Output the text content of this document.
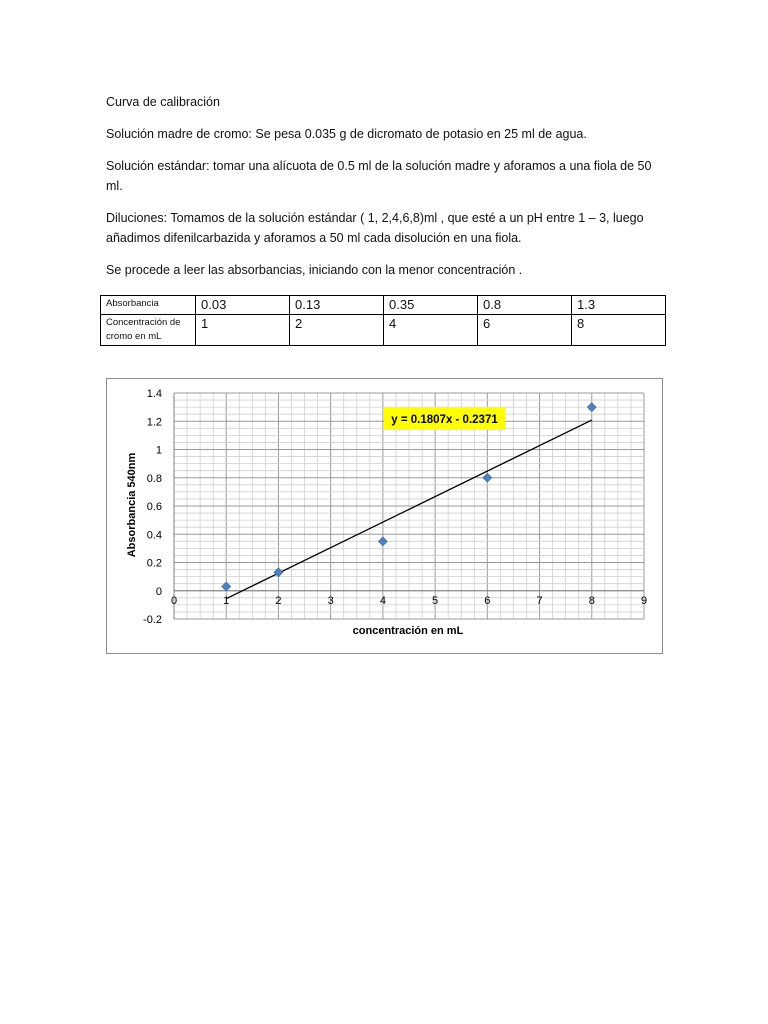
Curva de calibración

Solución madre de cromo: Se pesa 0.035 g de dicromato de potasio en 25 ml de agua.

Solución estándar: tomar una alícuota de 0.5 ml de la solución madre y aforamos a una fiola de 50 ml.

Diluciones: Tomamos de la solución estándar ( 1, 2,4,6,8)ml , que esté a un pH entre 1 – 3, luego añadimos difenilcarbazida y aforamos a 50 ml cada disolución en una fiola.

Se procede a leer las absorbancias, iniciando con la menor concentración .

Absorbancia	0.03	0.13	0.35	0.8	1.3
Concentración de cromo en mL	1	2	4	6	8
0	1	2	3	4	5	6	7	8	9
-0.2
0
0.2
0.4
0.6
0.8
1
1.2
1.4
y = 0.1807x - 0.2371
concentración en mL
Absorbancia 540nm
